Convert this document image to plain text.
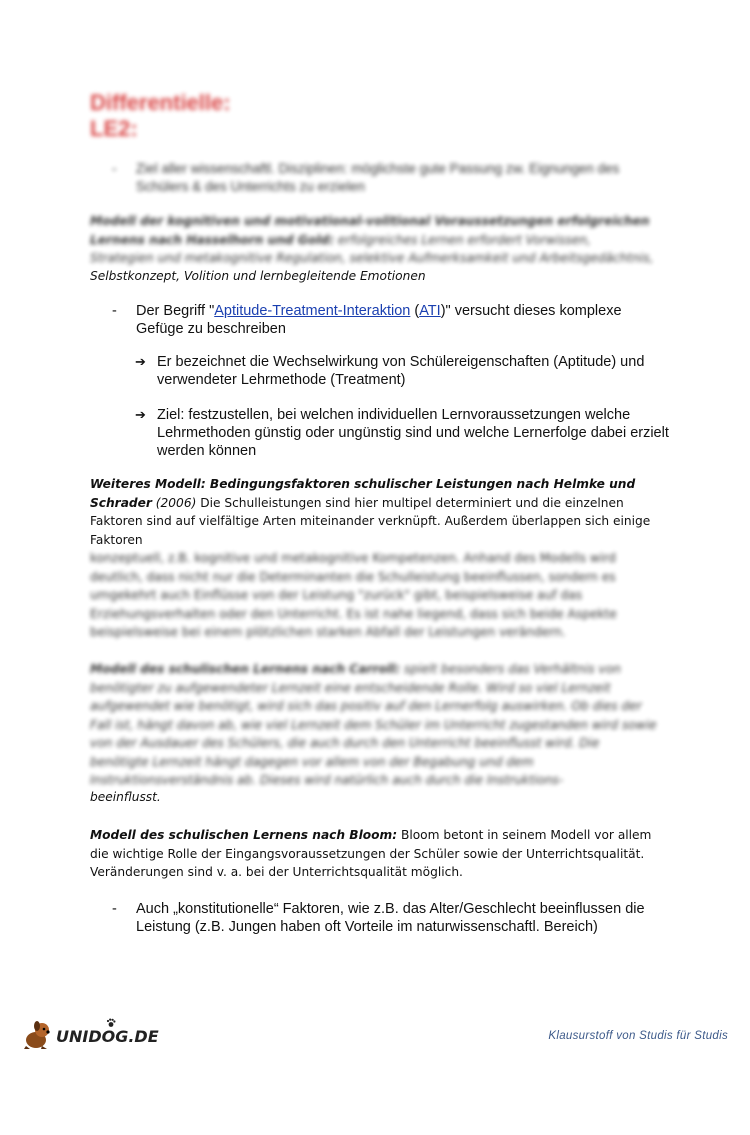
Differentielle:
LE2:
- Ziel aller wissenschaftl. Disziplinen: möglichste gute Passung zw. Eignungen des Schülers & des Unterrichts zu erzielen
Modell der kognitiven und motivational-volitional Voraussetzungen erfolgreichen Lernens nach Hasselhorn und Gold: erfolgreiches Lernen erfordert Vorwissen, Strategien und metakognitive Regulation, selektive Aufmerksamkeit und Arbeitsgedächtnis,
Selbstkonzept, Volition und lernbegleitende Emotionen
- Der Begriff "Aptitude-Treatment-Interaktion (ATI)" versucht dieses komplexe Gefüge zu beschreiben
➔ Er bezeichnet die Wechselwirkung von Schülereigenschaften (Aptitude) und verwendeter Lehrmethode (Treatment)
➔ Ziel: festzustellen, bei welchen individuellen Lernvoraussetzungen welche Lehrmethoden günstig oder ungünstig sind und welche Lernerfolge dabei erzielt werden können
Weiteres Modell: Bedingungsfaktoren schulischer Leistungen nach Helmke und Schrader (2006) Die Schulleistungen sind hier multipel determiniert und die einzelnen Faktoren sind auf vielfältige Arten miteinander verknüpft. Außerdem überlappen sich einige Faktoren
konzeptuell, z.B. kognitive und metakognitive Kompetenzen. Anhand des Modells wird deutlich, dass nicht nur die Determinanten die Schulleistung beeinflussen, sondern es umgekehrt auch Einflüsse von der Leistung "zurück" gibt, beispielsweise auf das Erziehungsverhalten oder den Unterricht. Es ist nahe liegend, dass sich beide Aspekte beispielsweise bei einem plötzlichen starken Abfall der Leistungen verändern.
Modell des schulischen Lernens nach Carroll: spielt besonders das Verhältnis von benötigter zu aufgewendeter Lernzeit eine entscheidende Rolle. Wird so viel Lernzeit aufgewendet wie benötigt, wird sich das positiv auf den Lernerfolg auswirken. Ob dies der Fall ist, hängt davon ab, wie viel Lernzeit dem Schüler im Unterricht zugestanden wird sowie von der Ausdauer des Schülers, die auch durch den Unterricht beeinflusst wird. Die benötigte Lernzeit hängt dagegen vor allem von der Begabung und dem Instruktionsverständnis ab. Dieses wird natürlich auch durch die Instruktions-
beeinflusst.
Modell des schulischen Lernens nach Bloom: Bloom betont in seinem Modell vor allem die wichtige Rolle der Eingangsvoraussetzungen der Schüler sowie der Unterrichtsqualität. Veränderungen sind v. a. bei der Unterrichtsqualität möglich.
- Auch „konstitutionelle“ Faktoren, wie z.B. das Alter/Geschlecht beeinflussen die Leistung (z.B. Jungen haben oft Vorteile im naturwissenschaftl. Bereich)
UNIDOG.DE	Klausurstoff von Studis für Studis
